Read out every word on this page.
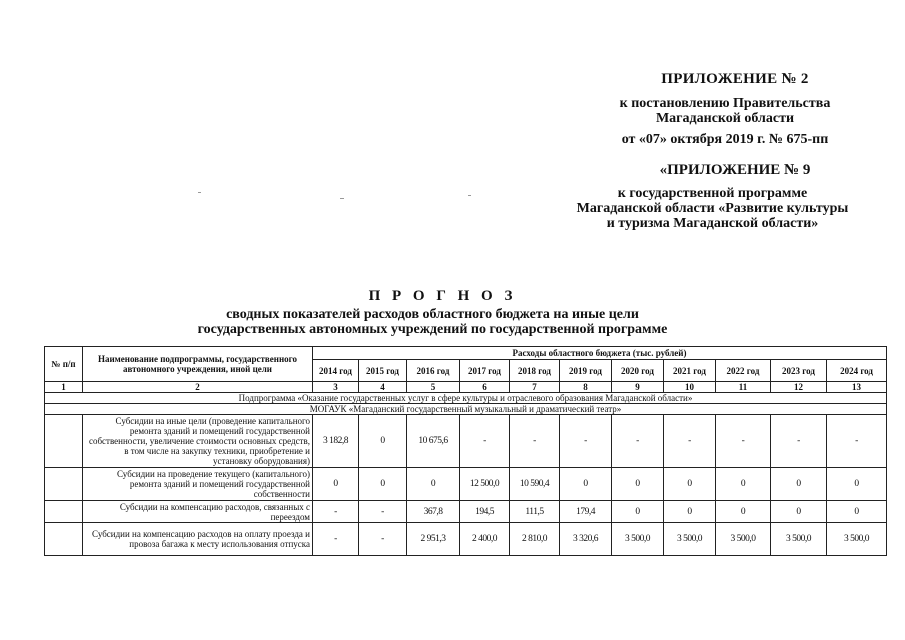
ПРИЛОЖЕНИЕ № 2
к постановлению Правительства Магаданской области
от «07» октября 2019 г. № 675-пп
«ПРИЛОЖЕНИЕ № 9
к государственной программе Магаданской области «Развитие культуры и туризма Магаданской области»
П Р О Г Н О З
сводных показателей расходов областного бюджета на иные цели
государственных автономных учреждений по государственной программе
№ п/п	Наименование подпрограммы, государственного автономного учреждения, иной цели	Расходы областного бюджета (тыс. рублей)										
		2014 год	2015 год	2016 год	2017 год	2018 год	2019 год	2020 год	2021 год	2022 год	2023 год	2024 год
1	2	3	4	5	6	7	8	9	10	11	12	13
Подпрограмма «Оказание государственных услуг в сфере культуры и отраслевого образования Магаданской области»												
МОГАУК «Магаданский государственный музыкальный и драматический театр»												
	Субсидии на иные цели (проведение капитального ремонта зданий и помещений государственной собственности, увеличение стоимости основных средств, в том числе на закупку техники, приобретение и установку оборудования)	3 182,8	0	10 675,6	-	-	-	-	-	-	-	-
	Субсидии на проведение текущего (капитального) ремонта зданий и помещений государственной собственности	0	0	0	12 500,0	10 590,4	0	0	0	0	0	0
	Субсидии на компенсацию расходов, связанных с переездом	-	-	367,8	194,5	111,5	179,4	0	0	0	0	0
	Субсидии на компенсацию расходов на оплату проезда и провоза багажа к месту использования отпуска	-	-	2 951,3	2 400,0	2 810,0	3 320,6	3 500,0	3 500,0	3 500,0	3 500,0	3 500,0
